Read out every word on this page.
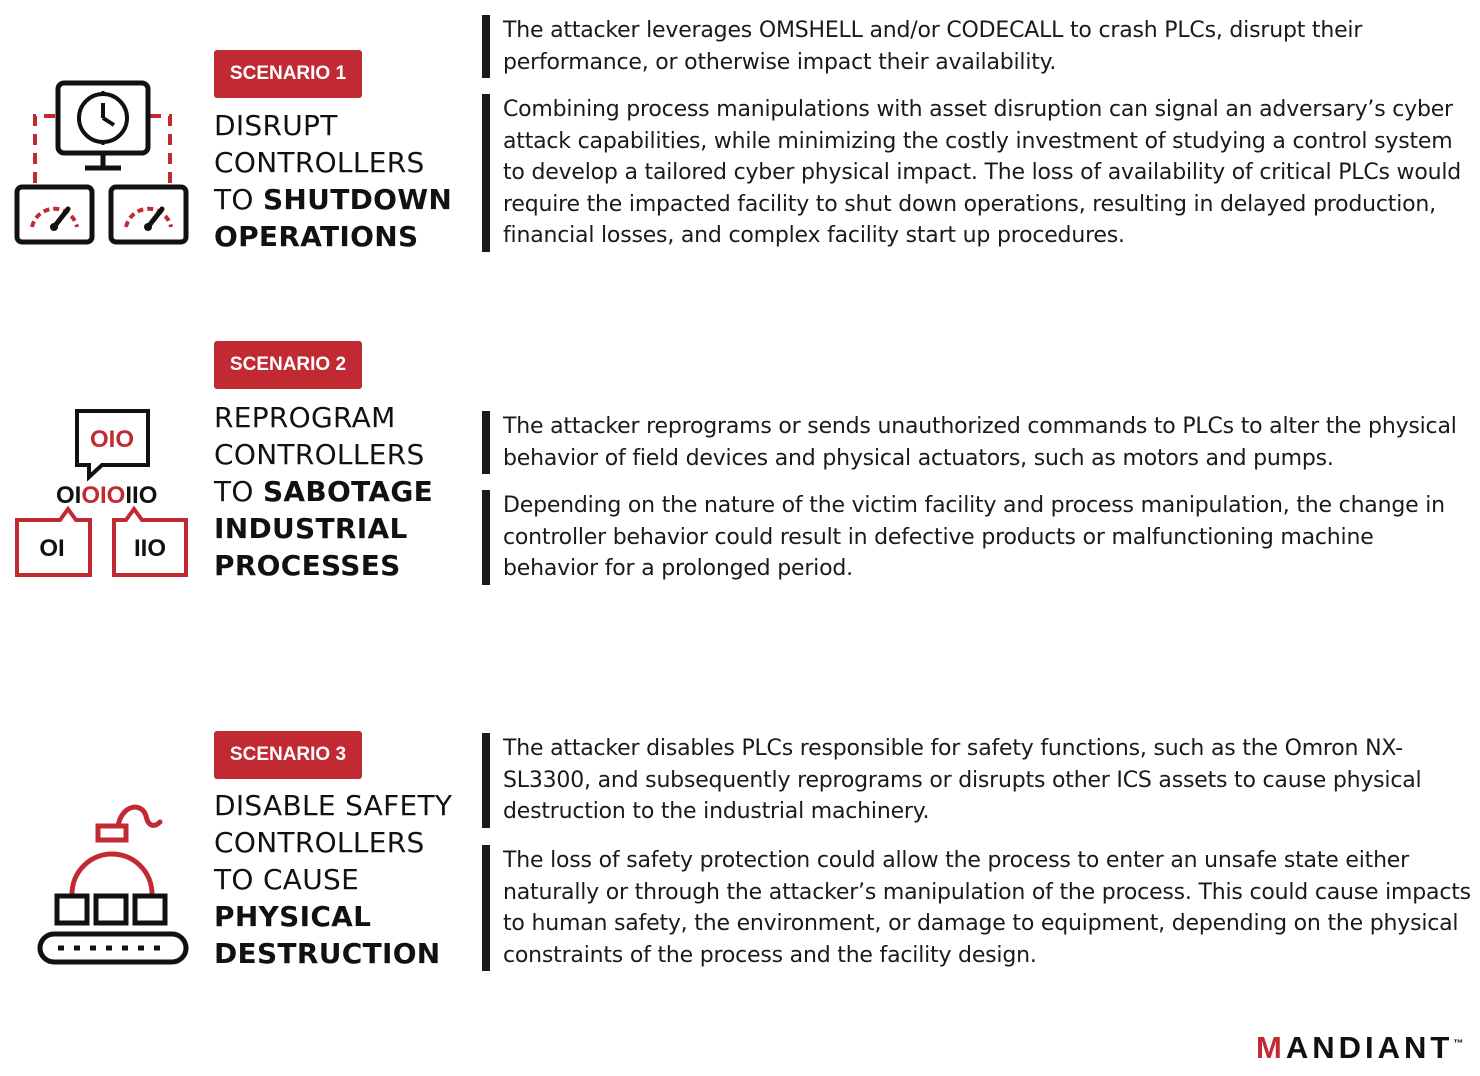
SCENARIO 1
DISRUPT
CONTROLLERS
TO SHUTDOWN
OPERATIONS
The attacker leverages OMSHELL and/or CODECALL to crash PLCs, disrupt their performance, or otherwise impact their availability.
Combining process manipulations with asset disruption can signal an adversary’s cyber attack capabilities, while minimizing the costly investment of studying a control system to develop a tailored cyber physical impact. The loss of availability of critical PLCs would require the impacted facility to shut down operations, resulting in delayed production, financial losses, and complex facility start up procedures.
OIO
OIOIOIIO
OI	IIO
SCENARIO 2
REPROGRAM
CONTROLLERS
TO SABOTAGE
INDUSTRIAL
PROCESSES
The attacker reprograms or sends unauthorized commands to PLCs to alter the physical behavior of field devices and physical actuators, such as motors and pumps.
Depending on the nature of the victim facility and process manipulation, the change in controller behavior could result in defective products or malfunctioning machine behavior for a prolonged period.
SCENARIO 3
DISABLE SAFETY
CONTROLLERS
TO CAUSE
PHYSICAL
DESTRUCTION
The attacker disables PLCs responsible for safety functions, such as the Omron NX-SL3300, and subsequently reprograms or disrupts other ICS assets to cause physical destruction to the industrial machinery.
The loss of safety protection could allow the process to enter an unsafe state either naturally or through the attacker’s manipulation of the process. This could cause impacts to human safety, the environment, or damage to equipment, depending on the physical constraints of the process and the facility design.
MANDIANT™
